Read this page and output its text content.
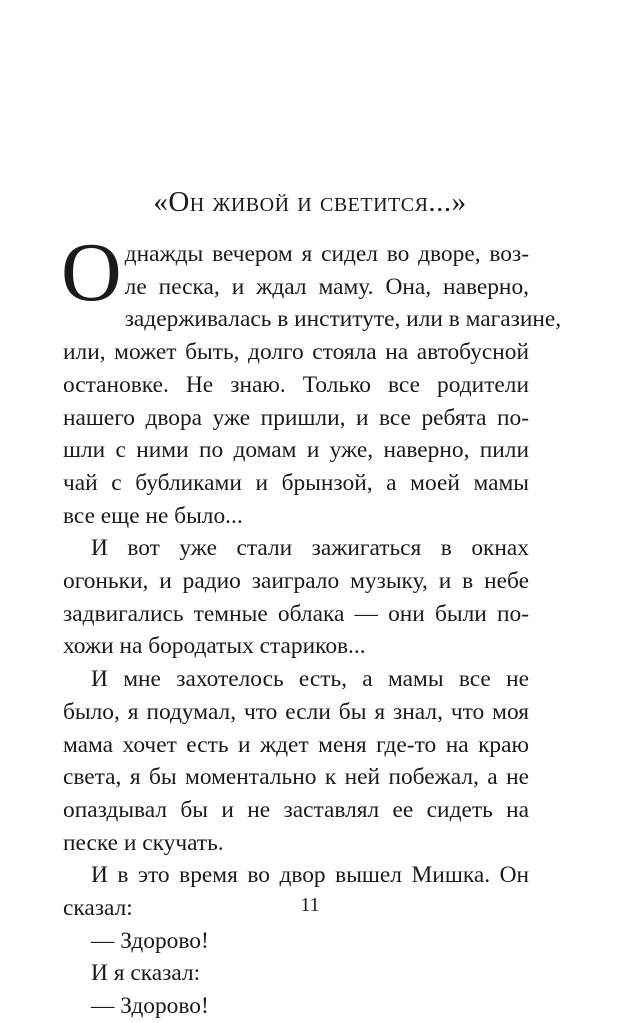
«Он живой и светится...»
О днажды вечером я сидел во дворе, воз-
ле песка, и ждал маму. Она, наверно,
задерживалась в институте, или в магазине,
или, может быть, долго стояла на автобусной
остановке. Не знаю. Только все родители
нашего двора уже пришли, и все ребята по-
шли с ними по домам и уже, наверно, пили
чай с бубликами и брынзой, а моей мамы
все еще не было...
И вот уже стали зажигаться в окнах
огоньки, и радио заиграло музыку, и в небе
задвигались темные облака — они были по-
хожи на бородатых стариков...
И мне захотелось есть, а мамы все не
было, я подумал, что если бы я знал, что моя
мама хочет есть и ждет меня где-то на краю
света, я бы моментально к ней побежал, а не
опаздывал бы и не заставлял ее сидеть на
песке и скучать.
И в это время во двор вышел Мишка. Он
сказал:
— Здорово!
И я сказал:
— Здорово!
11
